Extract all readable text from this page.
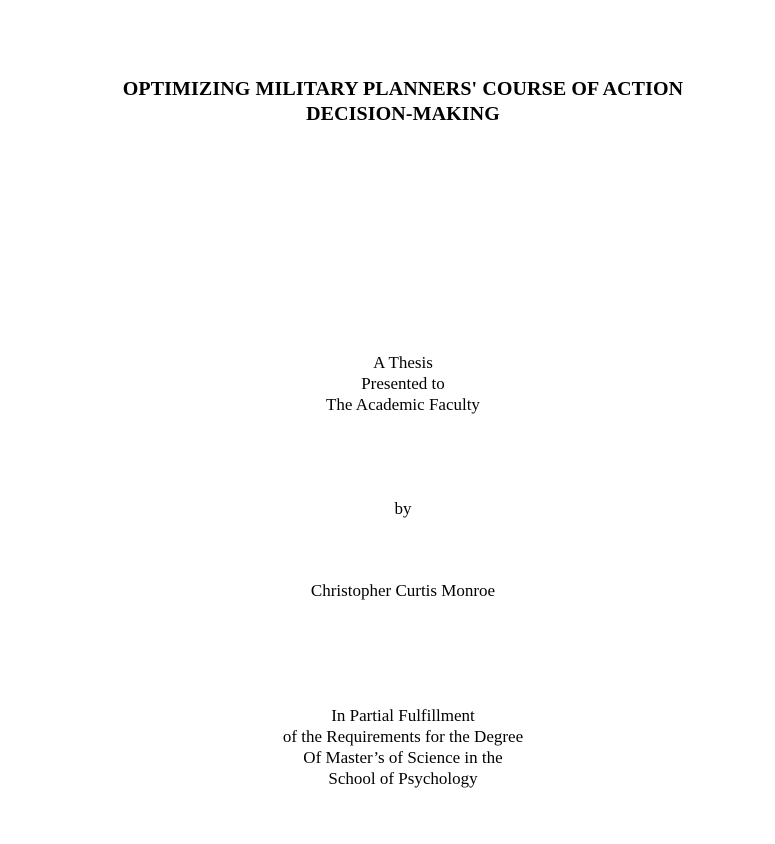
OPTIMIZING MILITARY PLANNERS' COURSE OF ACTION
DECISION-MAKING
A Thesis
Presented to
The Academic Faculty
by
Christopher Curtis Monroe
In Partial Fulfillment
of the Requirements for the Degree
Of Master’s of Science in the
School of Psychology
